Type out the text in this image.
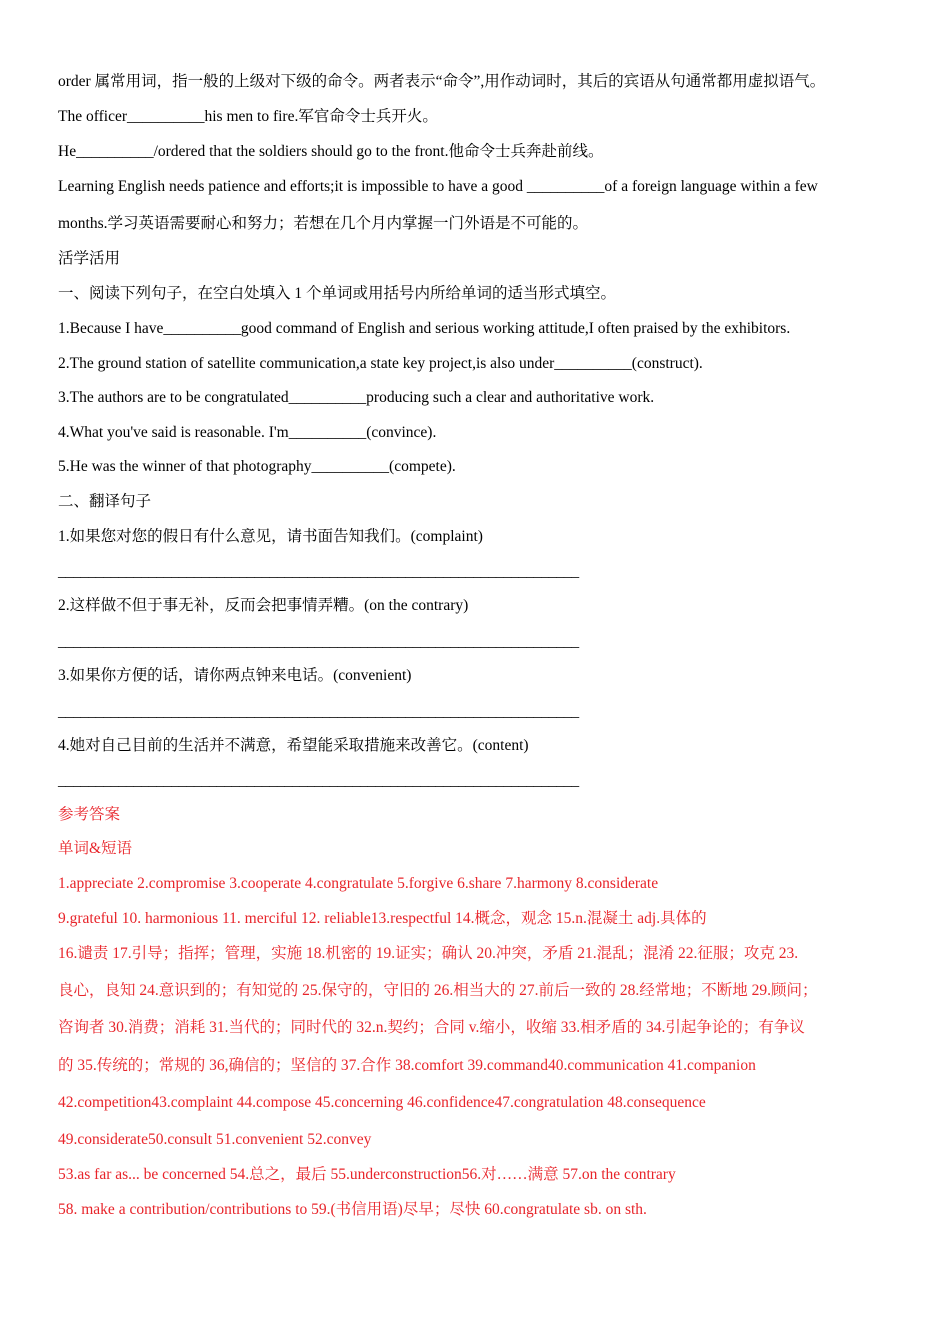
order 属常用词，指一般的上级对下级的命令。两者表示“命令”,用作动词时，其后的宾语从句通常都用虚拟语气。
The officer__________his men to fire.军官命令士兵开火。
He__________/ordered that the soldiers should go to the front.他命令士兵奔赴前线。
Learning English needs patience and efforts;it is impossible to have a good __________of a foreign language within a few
months.学习英语需要耐心和努力；若想在几个月内掌握一门外语是不可能的。
活学活用
一、阅读下列句子，在空白处填入 1 个单词或用括号内所给单词的适当形式填空。
1.Because I have__________good command of English and serious working attitude,I often praised by the exhibitors.
2.The ground station of satellite communication,a state key project,is also under__________(construct).
3.The authors are to be congratulated__________producing such a clear and authoritative work.
4.What you've said is reasonable. I'm__________(convince).
5.He was the winner of that photography__________(compete).
二、翻译句子
1.如果您对您的假日有什么意见，请书面告知我们。(complaint)
_____________________________________________________________________
2.这样做不但于事无补，反而会把事情弄糟。(on the contrary)
_____________________________________________________________________
3.如果你方便的话，请你两点钟来电话。(convenient)
_____________________________________________________________________
4.她对自己目前的生活并不满意，希望能采取措施来改善它。(content)
_____________________________________________________________________
参考答案
单词&短语
1.appreciate 2.compromise 3.cooperate 4.congratulate 5.forgive 6.share 7.harmony 8.considerate
9.grateful 10. harmonious 11. merciful 12. reliable13.respectful 14.概念，观念 15.n.混凝土 adj.具体的
16.谴责 17.引导；指挥；管理，实施 18.机密的 19.证实；确认 20.冲突，矛盾 21.混乱；混淆 22.征服；攻克 23.
良心，良知 24.意识到的；有知觉的 25.保守的，守旧的 26.相当大的 27.前后一致的 28.经常地；不断地 29.顾问；
咨询者 30.消费；消耗 31.当代的；同时代的 32.n.契约；合同 v.缩小，收缩 33.相矛盾的 34.引起争论的；有争议
的 35.传统的；常规的 36,确信的；坚信的 37.合作 38.comfort 39.command40.communication 41.companion
42.competition43.complaint 44.compose 45.concerning 46.confidence47.congratulation 48.consequence
49.considerate50.consult 51.convenient 52.convey
53.as far as... be concerned 54.总之，最后 55.underconstruction56.对……满意 57.on the contrary
58. make a contribution/contributions to 59.(书信用语)尽早；尽快 60.congratulate sb. on sth.
